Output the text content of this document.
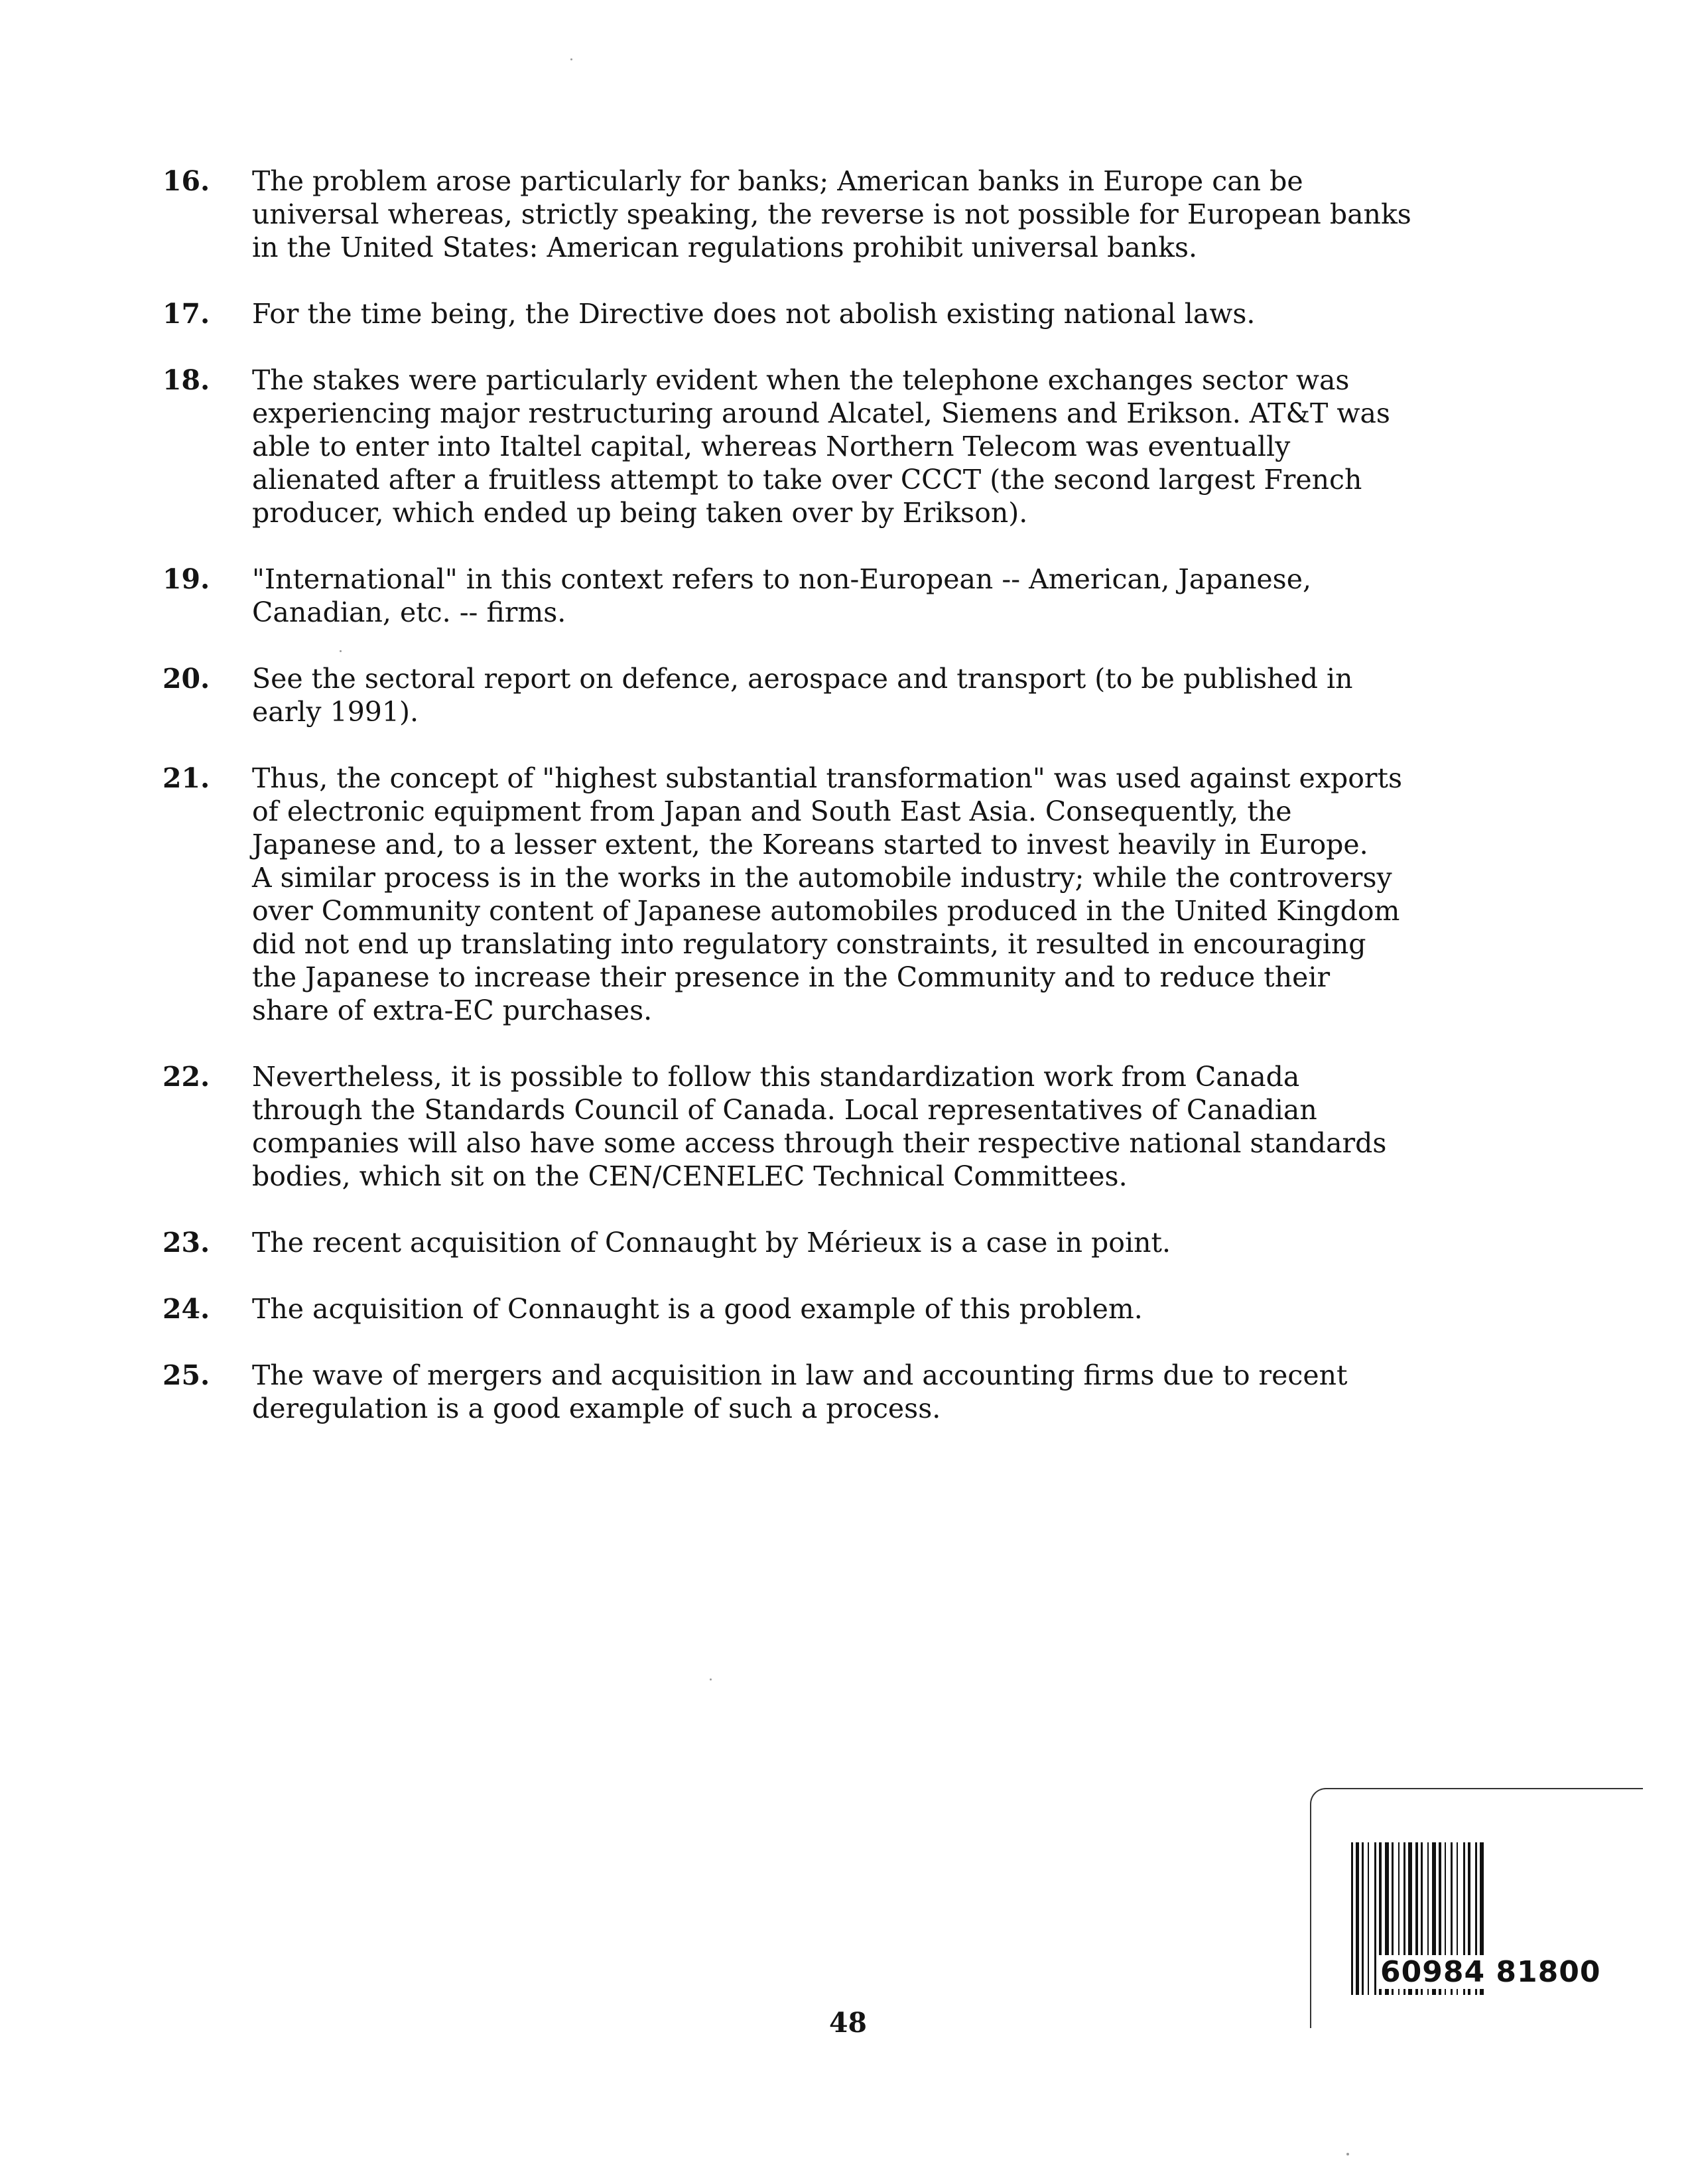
16. The problem arose particularly for banks; American banks in Europe can be
universal whereas, strictly speaking, the reverse is not possible for European banks
in the United States: American regulations prohibit universal banks.
17. For the time being, the Directive does not abolish existing national laws.
18. The stakes were particularly evident when the telephone exchanges sector was
experiencing major restructuring around Alcatel, Siemens and Erikson. AT&T was
able to enter into Italtel capital, whereas Northern Telecom was eventually
alienated after a fruitless attempt to take over CCCT (the second largest French
producer, which ended up being taken over by Erikson).
19. "International" in this context refers to non-European -- American, Japanese,
Canadian, etc. -- firms.
20. See the sectoral report on defence, aerospace and transport (to be published in
early 1991).
21. Thus, the concept of "highest substantial transformation" was used against exports
of electronic equipment from Japan and South East Asia. Consequently, the
Japanese and, to a lesser extent, the Koreans started to invest heavily in Europe.
A similar process is in the works in the automobile industry; while the controversy
over Community content of Japanese automobiles produced in the United Kingdom
did not end up translating into regulatory constraints, it resulted in encouraging
the Japanese to increase their presence in the Community and to reduce their
share of extra-EC purchases.
22. Nevertheless, it is possible to follow this standardization work from Canada
through the Standards Council of Canada. Local representatives of Canadian
companies will also have some access through their respective national standards
bodies, which sit on the CEN/CENELEC Technical Committees.
23. The recent acquisition of Connaught by Mérieux is a case in point.
24. The acquisition of Connaught is a good example of this problem.
25. The wave of mergers and acquisition in law and accounting firms due to recent
deregulation is a good example of such a process.
48
60984 81800
